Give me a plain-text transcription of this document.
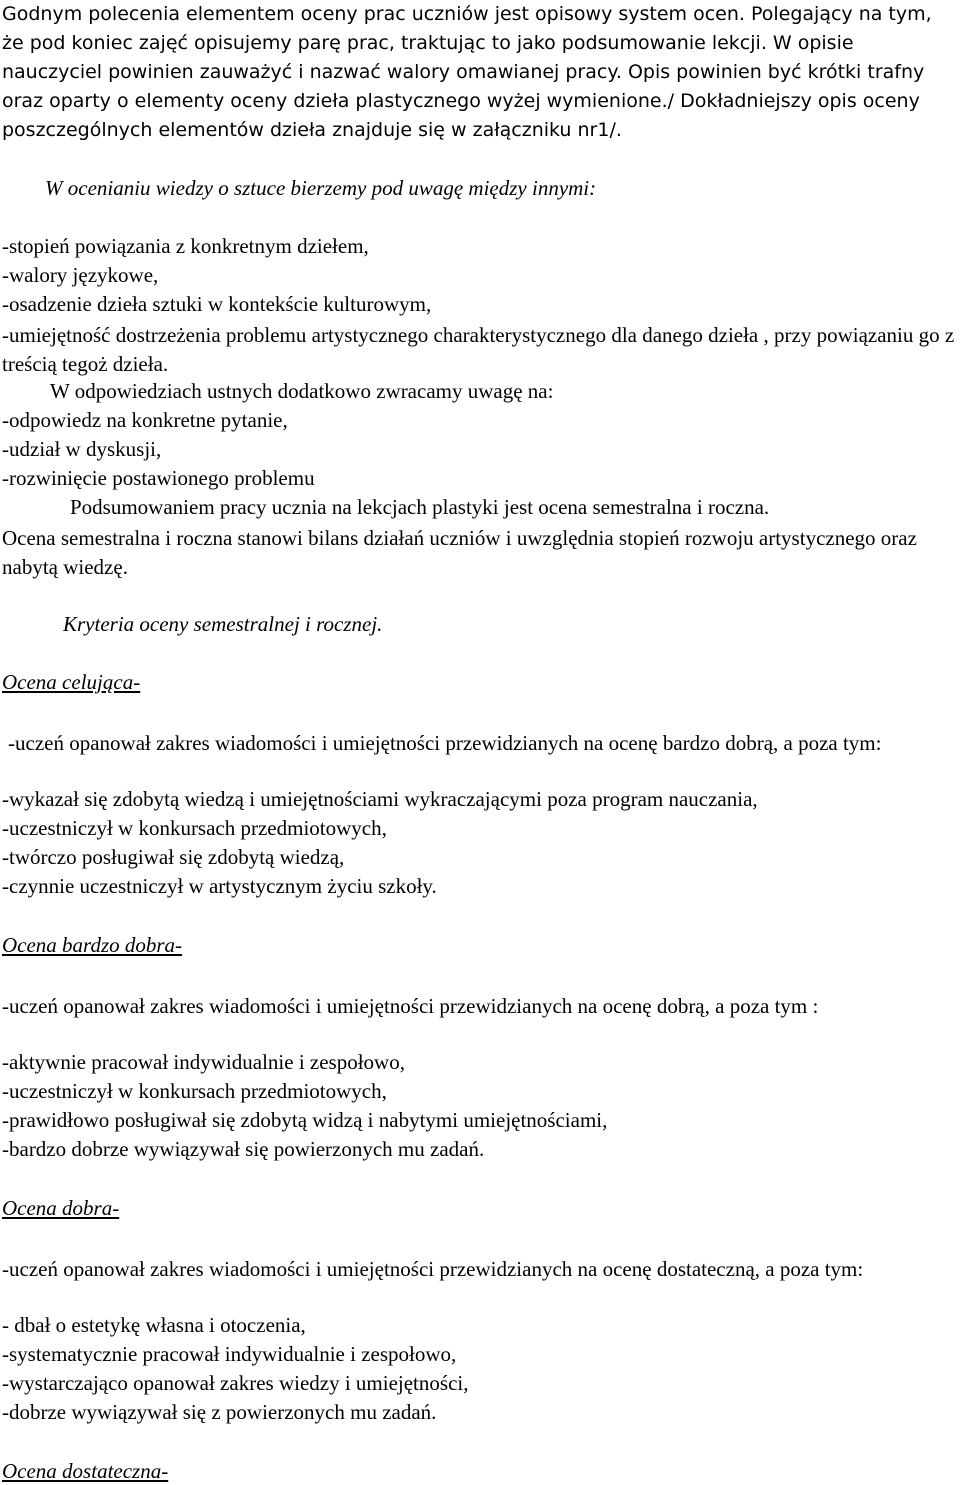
Godnym polecenia elementem oceny prac uczniów jest opisowy system ocen. Polegający na tym, że pod koniec zajęć opisujemy parę prac, traktując to jako podsumowanie lekcji. W opisie nauczyciel powinien zauważyć i nazwać walory omawianej pracy. Opis powinien być krótki trafny oraz oparty o elementy oceny dzieła plastycznego wyżej wymienione./ Dokładniejszy opis oceny poszczególnych elementów dzieła znajduje się w załączniku nr1/.

W ocenianiu wiedzy o sztuce bierzemy pod uwagę między innymi:

-stopień powiązania z konkretnym dziełem,

-walory językowe,

-osadzenie dzieła sztuki w kontekście kulturowym,

-umiejętność dostrzeżenia problemu artystycznego charakterystycznego dla danego dzieła , przy powiązaniu go z treścią tegoż dzieła.

W odpowiedziach ustnych dodatkowo zwracamy uwagę na:

-odpowiedz na konkretne pytanie,

-udział w dyskusji,

-rozwinięcie postawionego problemu

Podsumowaniem pracy ucznia na lekcjach plastyki jest ocena semestralna i roczna.

Ocena semestralna i roczna stanowi bilans działań uczniów i uwzględnia stopień rozwoju artystycznego oraz nabytą wiedzę.

Kryteria oceny semestralnej i rocznej.

Ocena celująca-

-uczeń opanował zakres wiadomości i umiejętności przewidzianych na ocenę bardzo dobrą, a poza tym:

-wykazał się zdobytą wiedzą i umiejętnościami wykraczającymi poza program nauczania,

-uczestniczył w konkursach przedmiotowych,

-twórczo posługiwał się zdobytą wiedzą,

-czynnie uczestniczył w artystycznym życiu szkoły.

Ocena bardzo dobra-

-uczeń opanował zakres wiadomości i umiejętności przewidzianych na ocenę dobrą, a poza tym :

-aktywnie pracował indywidualnie i zespołowo,

-uczestniczył w konkursach przedmiotowych,

-prawidłowo posługiwał się zdobytą widzą i nabytymi umiejętnościami,

-bardzo dobrze wywiązywał się powierzonych mu zadań.

Ocena dobra-

-uczeń opanował zakres wiadomości i umiejętności przewidzianych na ocenę dostateczną, a poza tym:

- dbał o estetykę własna i otoczenia,

-systematycznie pracował indywidualnie i zespołowo,

-wystarczająco opanował zakres wiedzy i umiejętności,

-dobrze wywiązywał się z powierzonych mu zadań.

Ocena dostateczna-
